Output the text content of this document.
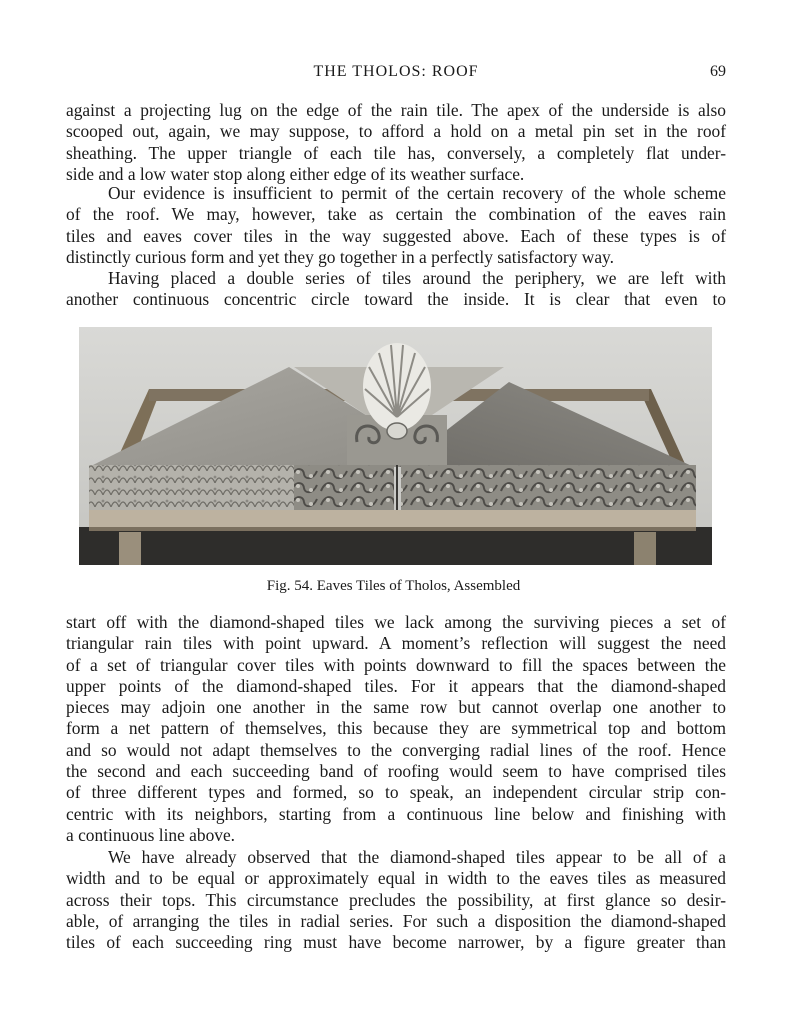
THE THOLOS: ROOF	69
against a projecting lug on the edge of the rain tile. The apex of the underside is also
scooped out, again, we may suppose, to afford a hold on a metal pin set in the roof
sheathing. The upper triangle of each tile has, conversely, a completely flat under-
side and a low water stop along either edge of its weather surface.
Our evidence is insufficient to permit of the certain recovery of the whole scheme
of the roof. We may, however, take as certain the combination of the eaves rain
tiles and eaves cover tiles in the way suggested above. Each of these types is of
distinctly curious form and yet they go together in a perfectly satisfactory way.
Having placed a double series of tiles around the periphery, we are left with
another continuous concentric circle toward the inside. It is clear that even to
Fig. 54. Eaves Tiles of Tholos, Assembled
start off with the diamond-shaped tiles we lack among the surviving pieces a set of
triangular rain tiles with point upward. A moment’s reflection will suggest the need
of a set of triangular cover tiles with points downward to fill the spaces between the
upper points of the diamond-shaped tiles. For it appears that the diamond-shaped
pieces may adjoin one another in the same row but cannot overlap one another to
form a net pattern of themselves, this because they are symmetrical top and bottom
and so would not adapt themselves to the converging radial lines of the roof. Hence
the second and each succeeding band of roofing would seem to have comprised tiles
of three different types and formed, so to speak, an independent circular strip con-
centric with its neighbors, starting from a continuous line below and finishing with
a continuous line above.
We have already observed that the diamond-shaped tiles appear to be all of a
width and to be equal or approximately equal in width to the eaves tiles as measured
across their tops. This circumstance precludes the possibility, at first glance so desir-
able, of arranging the tiles in radial series. For such a disposition the diamond-shaped
tiles of each succeeding ring must have become narrower, by a figure greater than
